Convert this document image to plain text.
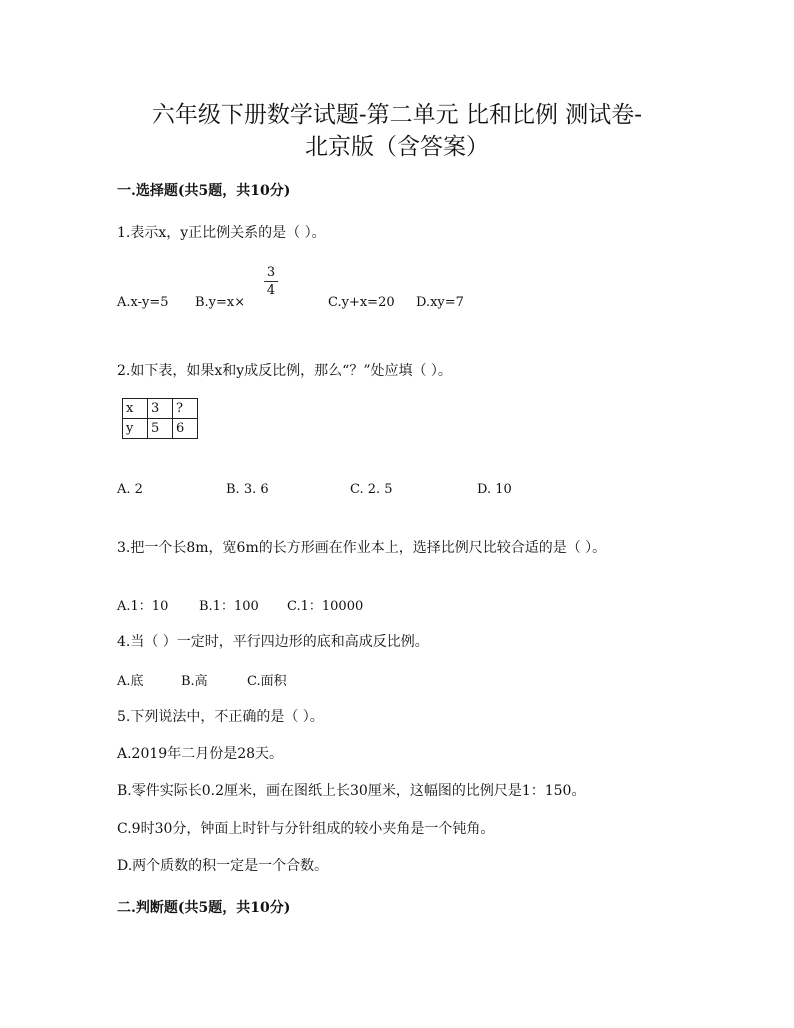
六年级下册数学试题-第二单元 比和比例 测试卷-
北京版（含答案）
一.选择题(共5题，共10分)
1.表示x，y正比例关系的是（ ）。
3
4
A.x-y=5 B.y=x×	C.y+x=20 D.xy=7
2.如下表，如果x和y成反比例，那么“？”处应填（ ）。
x	3	?
y	5	6
A. 2	B. 3. 6	C. 2. 5	D. 10
3.把一个长8m，宽6m的长方形画在作业本上，选择比例尺比较合适的是（ ）。
A.1：10 B.1：100 C.1：10000
4.当（ ）一定时，平行四边形的底和高成反比例。
A.底	B.高	C.面积
5.下列说法中，不正确的是（ ）。
A.2019年二月份是28天。
B.零件实际长0.2厘米，画在图纸上长30厘米，这幅图的比例尺是1：150。
C.9时30分，钟面上时针与分针组成的较小夹角是一个钝角。
D.两个质数的积一定是一个合数。
二.判断题(共5题，共10分)
